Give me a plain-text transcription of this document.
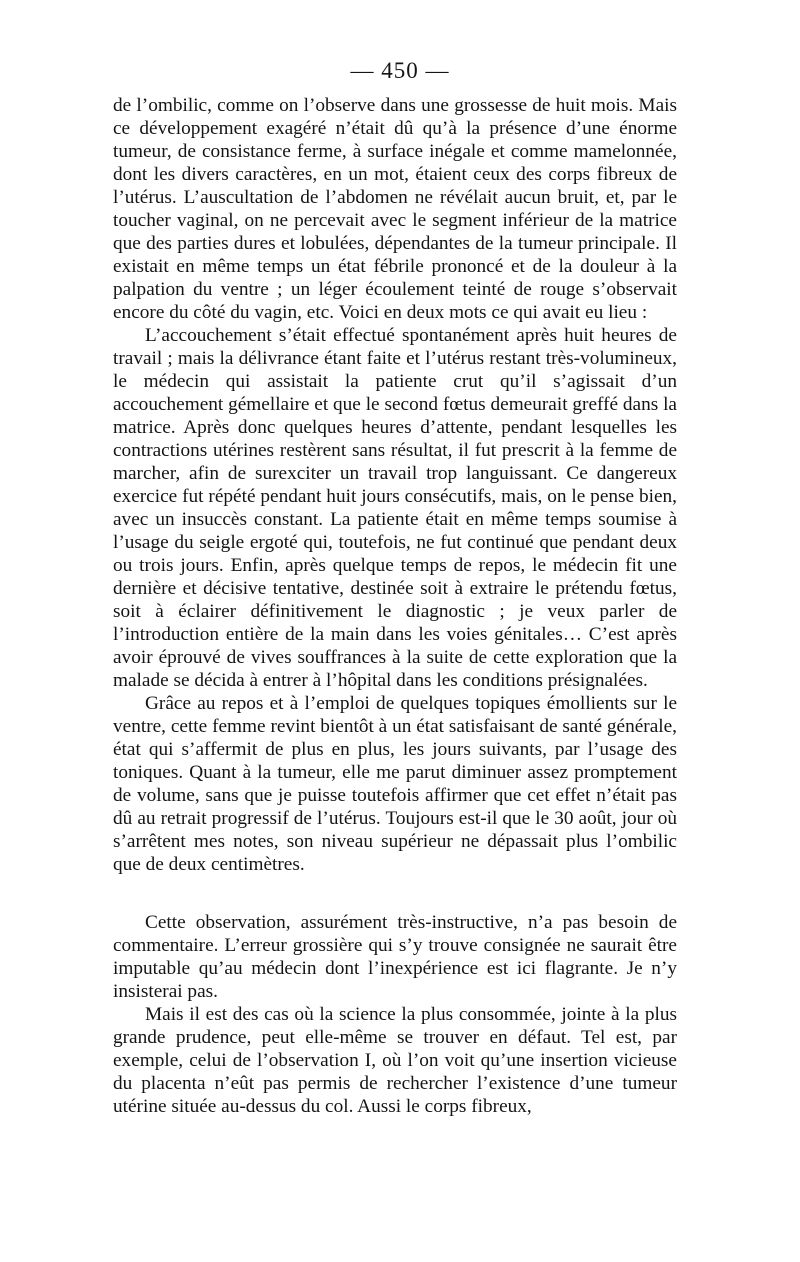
— 450 —

de l’ombilic, comme on l’observe dans une grossesse de huit mois. Mais ce développement exagéré n’était dû qu’à la présence d’une énorme tumeur, de consistance ferme, à surface inégale et comme mamelonnée, dont les divers caractères, en un mot, étaient ceux des corps fibreux de l’utérus. L’auscultation de l’abdomen ne révélait aucun bruit, et, par le toucher vaginal, on ne percevait avec le segment inférieur de la matrice que des parties dures et lobulées, dépendantes de la tumeur principale. Il existait en même temps un état fébrile prononcé et de la douleur à la palpation du ventre ; un léger écoulement teinté de rouge s’observait encore du côté du vagin, etc. Voici en deux mots ce qui avait eu lieu :

L’accouchement s’était effectué spontanément après huit heures de travail ; mais la délivrance étant faite et l’utérus restant très-volumineux, le médecin qui assistait la patiente crut qu’il s’agissait d’un accouchement gémellaire et que le second fœtus demeurait greffé dans la matrice. Après donc quelques heures d’attente, pendant lesquelles les contractions utérines restèrent sans résultat, il fut prescrit à la femme de marcher, afin de surexciter un travail trop languissant. Ce dangereux exercice fut répété pendant huit jours consécutifs, mais, on le pense bien, avec un insuccès constant. La patiente était en même temps soumise à l’usage du seigle ergoté qui, toutefois, ne fut continué que pendant deux ou trois jours. Enfin, après quelque temps de repos, le médecin fit une dernière et décisive tentative, destinée soit à extraire le prétendu fœtus, soit à éclairer définitivement le diagnostic ; je veux parler de l’introduction entière de la main dans les voies génitales… C’est après avoir éprouvé de vives souffrances à la suite de cette exploration que la malade se décida à entrer à l’hôpital dans les conditions présignalées.

Grâce au repos et à l’emploi de quelques topiques émollients sur le ventre, cette femme revint bientôt à un état satisfaisant de santé générale, état qui s’affermit de plus en plus, les jours suivants, par l’usage des toniques. Quant à la tumeur, elle me parut diminuer assez promptement de volume, sans que je puisse toutefois affirmer que cet effet n’était pas dû au retrait progressif de l’utérus. Toujours est-il que le 30 août, jour où s’arrêtent mes notes, son niveau supérieur ne dépassait plus l’ombilic que de deux centimètres.

Cette observation, assurément très-instructive, n’a pas besoin de commentaire. L’erreur grossière qui s’y trouve consignée ne saurait être imputable qu’au médecin dont l’inexpérience est ici flagrante. Je n’y insisterai pas.

Mais il est des cas où la science la plus consommée, jointe à la plus grande prudence, peut elle-même se trouver en défaut. Tel est, par exemple, celui de l’observation I, où l’on voit qu’une insertion vicieuse du placenta n’eût pas permis de rechercher l’existence d’une tumeur utérine située au-dessus du col. Aussi le corps fibreux,
